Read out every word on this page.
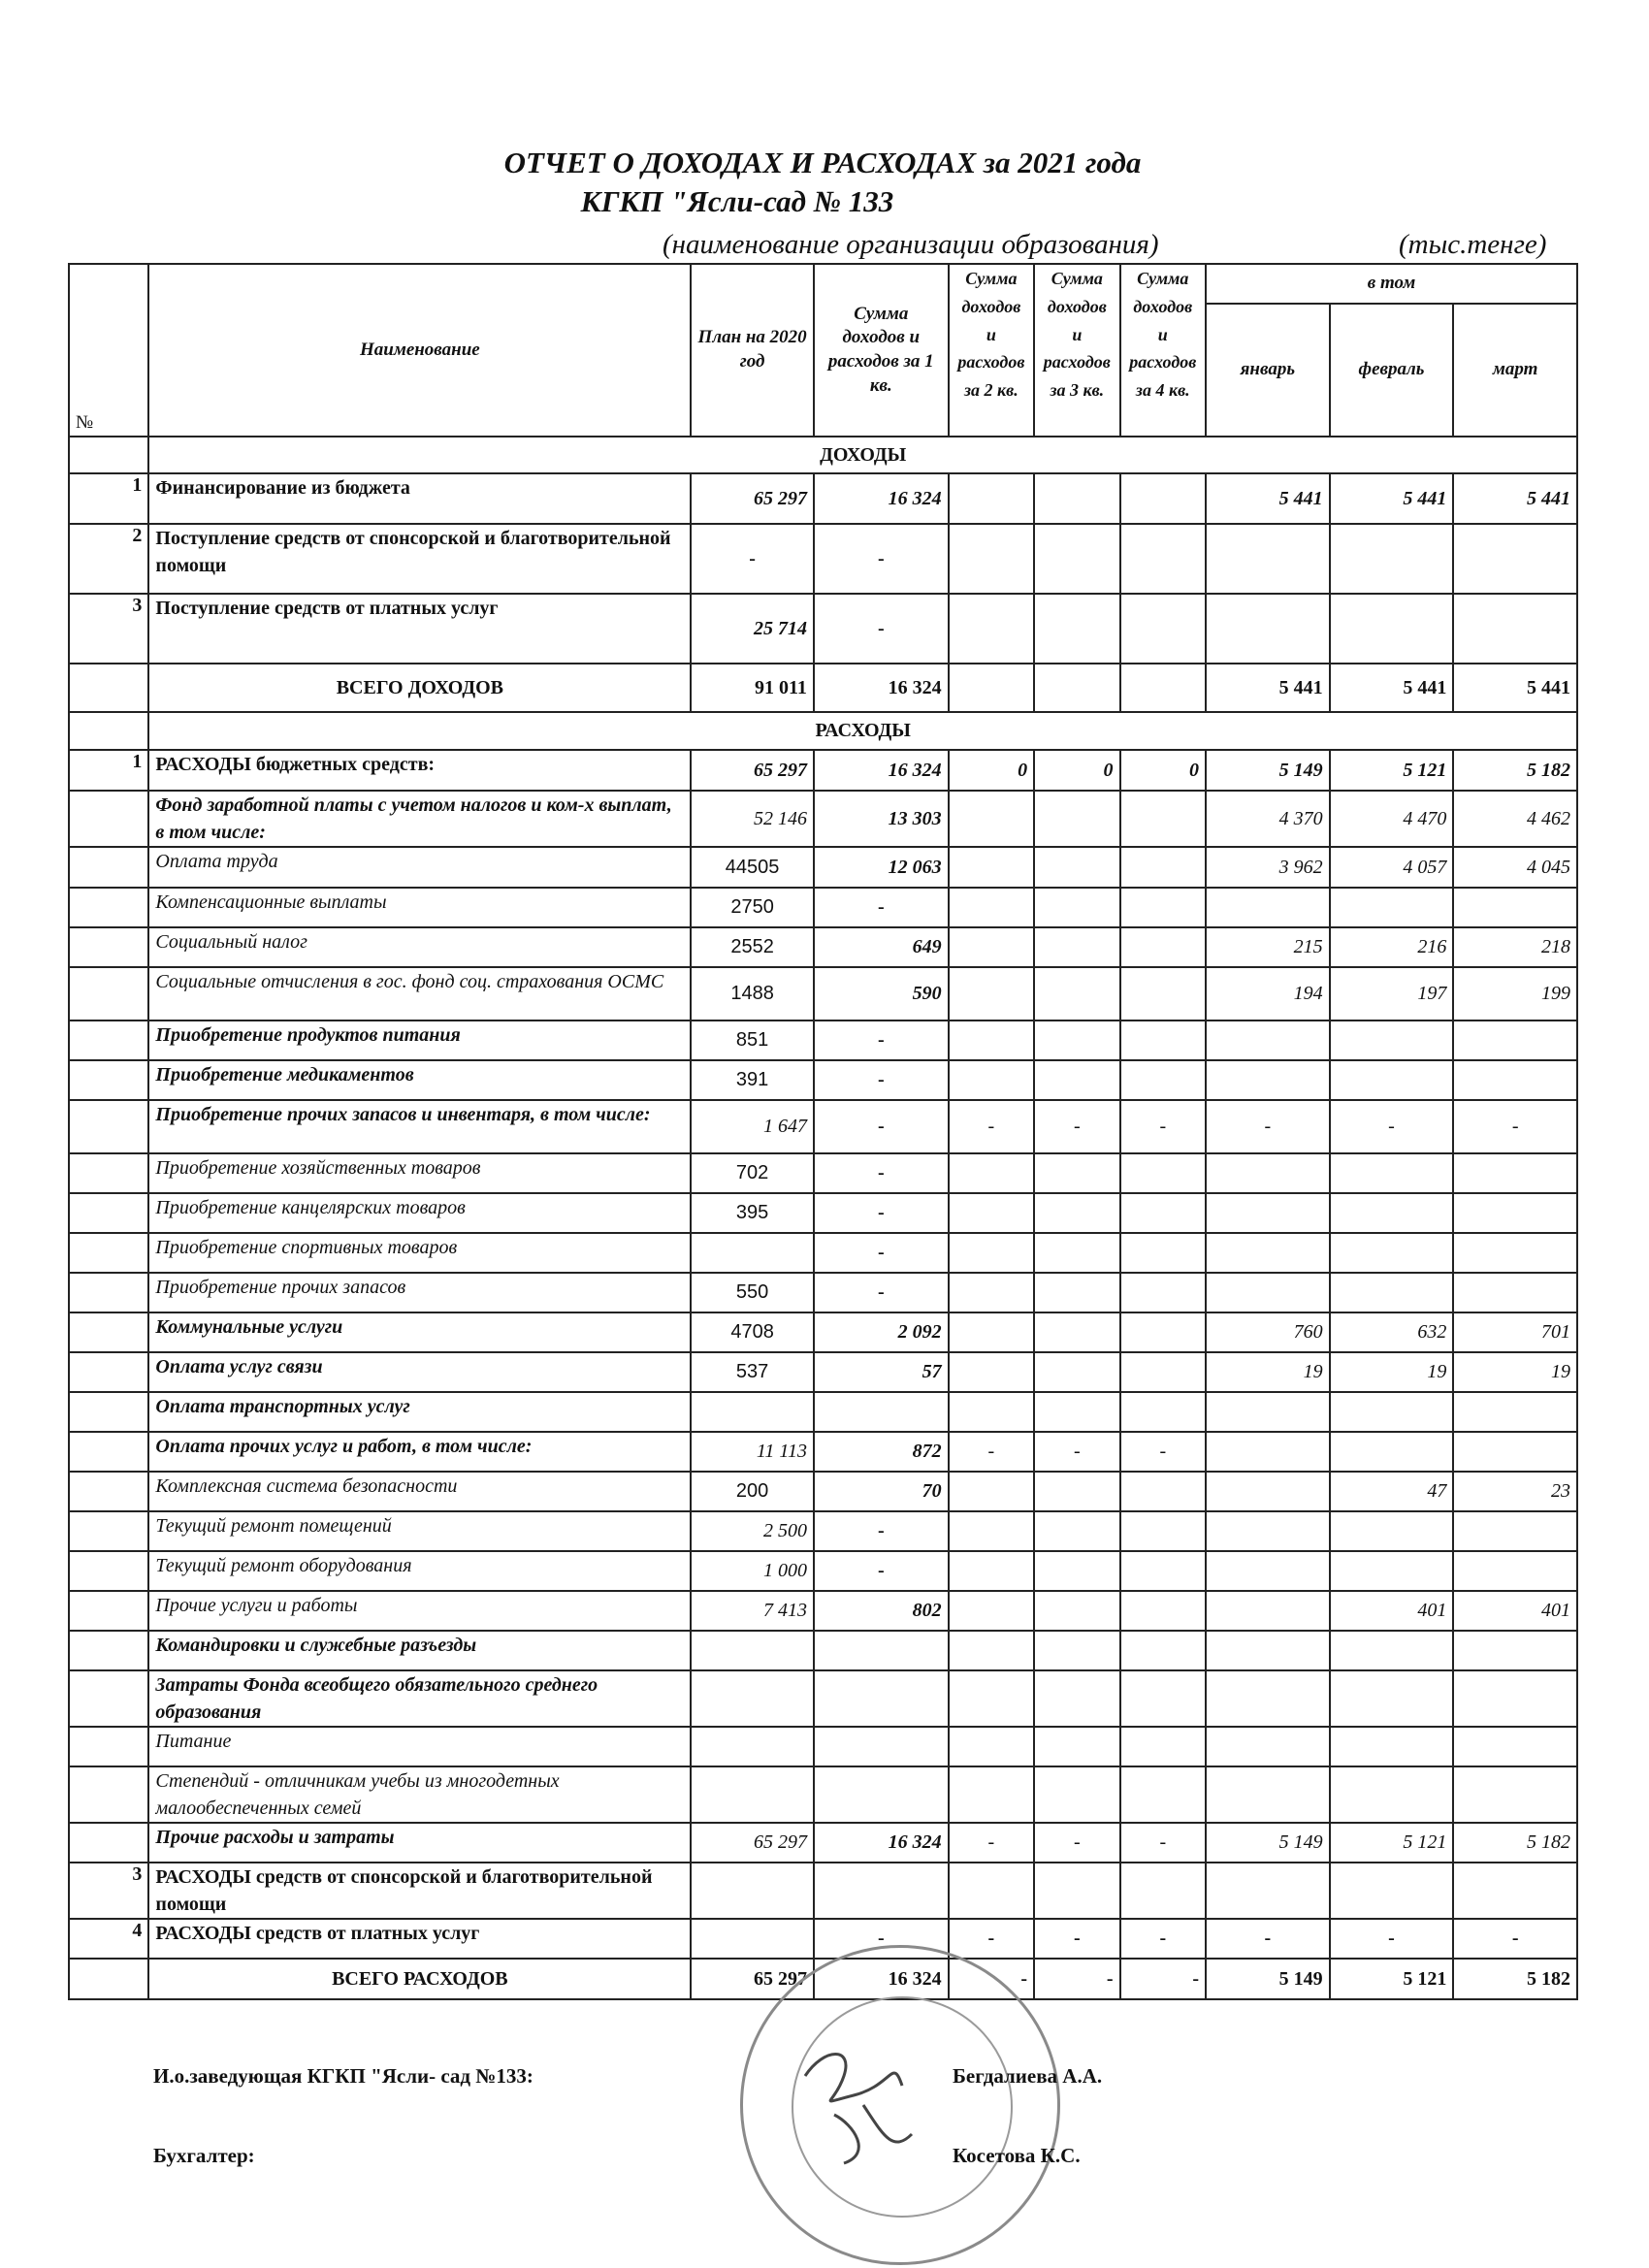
ОТЧЕТ О ДОХОДАХ И РАСХОДАХ за 2021 года
КГКП "Ясли-сад № 133
(наименование организации образования)	(тыс.тенге)
№	Наименование	План на 2020 год	Сумма доходов и расходов за 1 кв.	Сумма доходов и расходов за 2 кв.	Сумма доходов и расходов за 3 кв.	Сумма доходов и расходов за 4 кв.	в том		
							январь	февраль	март
	ДОХОДЫ								
1	Финансирование из бюджета	65 297	16 324				5 441	5 441	5 441
2	Поступление средств от спонсорской и благотворительной помощи	-	-						
3	Поступление средств от платных услуг	25 714	-						
	ВСЕГО ДОХОДОВ	91 011	16 324				5 441	5 441	5 441
	РАСХОДЫ								
1	РАСХОДЫ бюджетных средств:	65 297	16 324	0	0	0	5 149	5 121	5 182
	Фонд заработной платы с учетом налогов и ком-х выплат, в том числе:	52 146	13 303				4 370	4 470	4 462
	Оплата труда	44505	12 063				3 962	4 057	4 045
	Компенсационные выплаты	2750	-						
	Социальный налог	2552	649				215	216	218
	Социальные отчисления в гос. фонд соц. страхования ОСМС	1488	590				194	197	199
	Приобретение продуктов питания	851	-						
	Приобретение медикаментов	391	-						
	Приобретение прочих запасов и инвентаря, в том числе:	1 647	-	-	-	-	-	-	-
	Приобретение хозяйственных товаров	702	-						
	Приобретение канцелярских товаров	395	-						
	Приобретение спортивных товаров		-						
	Приобретение прочих запасов	550	-						
	Коммунальные услуги	4708	2 092				760	632	701
	Оплата услуг связи	537	57				19	19	19
	Оплата транспортных услуг								
	Оплата прочих услуг и работ, в том числе:	11 113	872	-	-	-			
	Комплексная система безопасности	200	70					47	23
	Текущий ремонт помещений	2 500	-						
	Текущий ремонт оборудования	1 000	-						
	Прочие услуги и работы	7 413	802					401	401
	Командировки и служебные разъезды								
	Затраты Фонда всеобщего обязательного среднего образования								
	Питание								
	Степендий - отличникам учебы из многодетных малообеспеченных семей								
	Прочие расходы и затраты	65 297	16 324	-	-	-	5 149	5 121	5 182
3	РАСХОДЫ средств от спонсорской и благотворительной помощи								
4	РАСХОДЫ средств от платных услуг		-	-	-	-	-	-	-
	ВСЕГО РАСХОДОВ	65 297	16 324	-	-	-	5 149	5 121	5 182
И.о.заведующая КГКП "Ясли- сад №133:	Бегдалиева А.А.
Бухгалтер:	Косетова К.С.
